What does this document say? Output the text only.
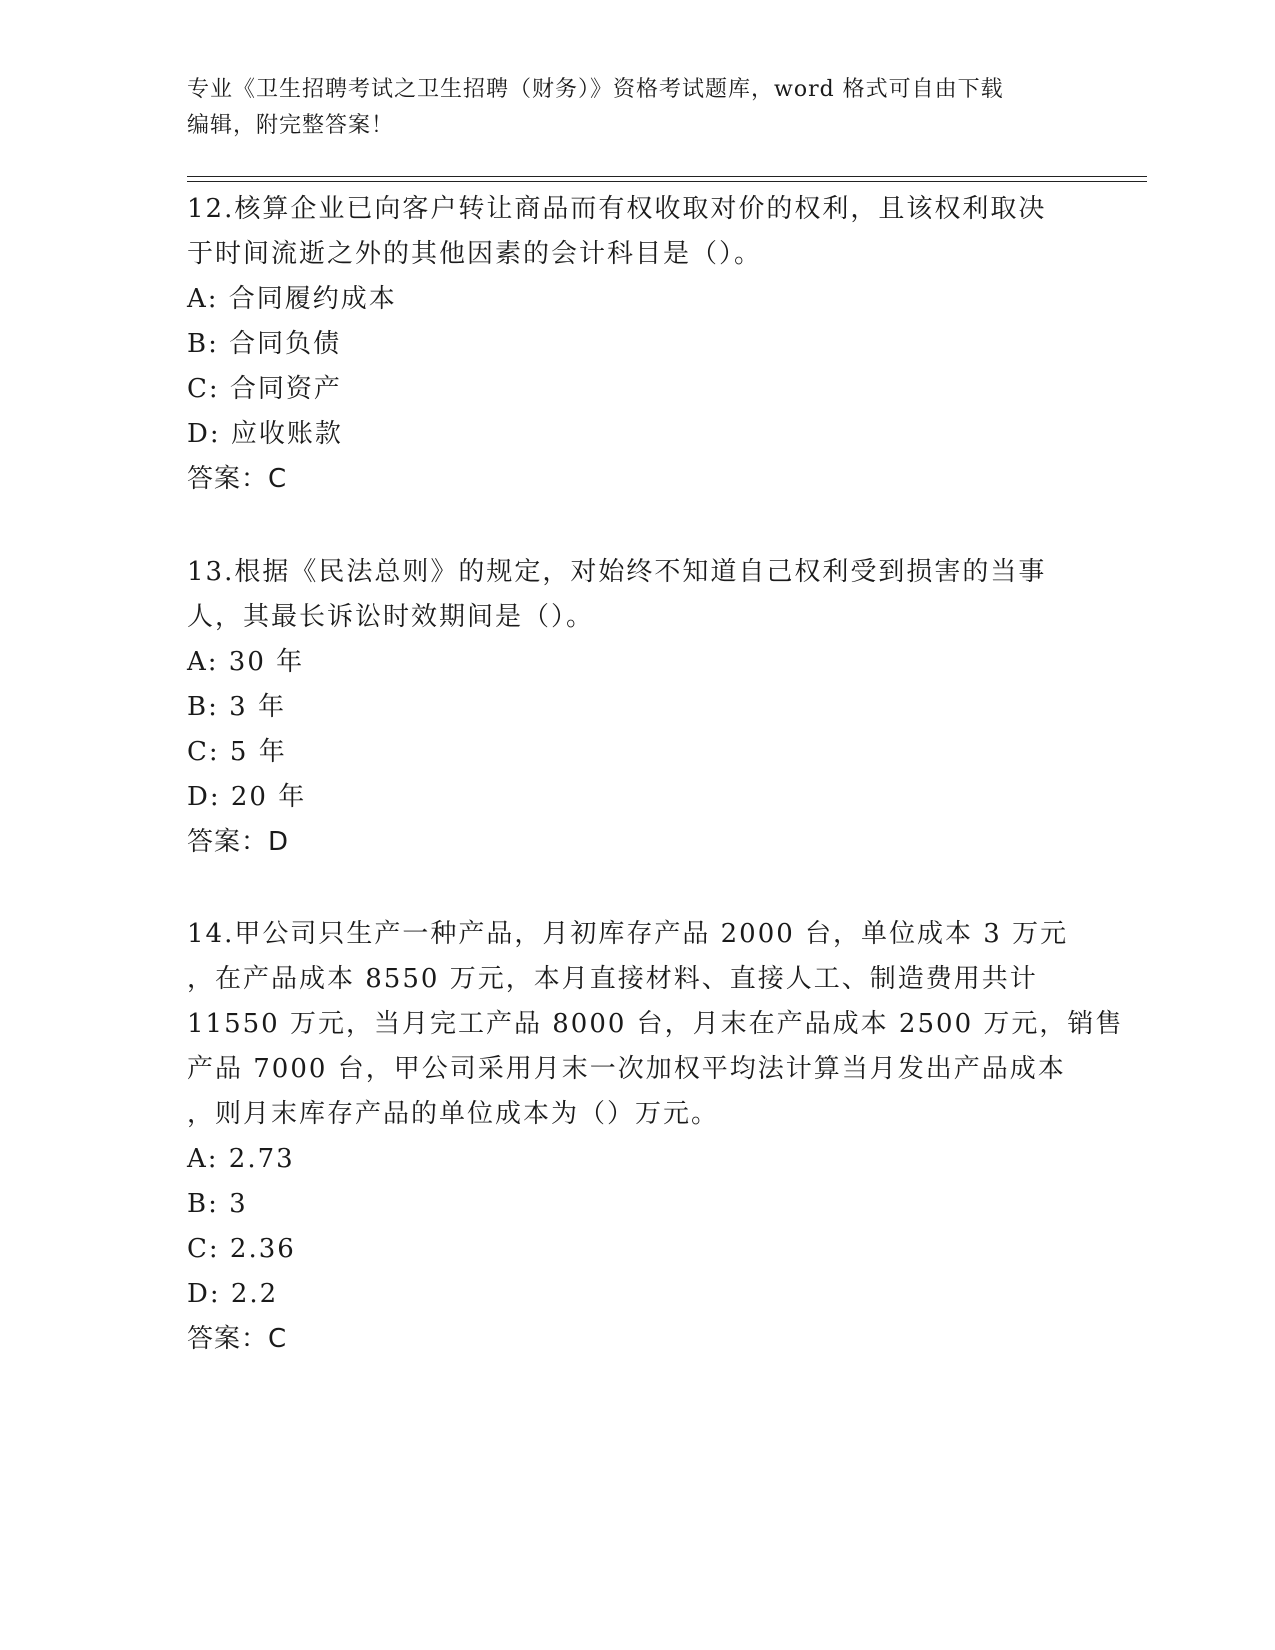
专业《卫生招聘考试之卫生招聘（财务）》资格考试题库，word 格式可自由下载
编辑，附完整答案！
12.核算企业已向客户转让商品而有权收取对价的权利，且该权利取决
于时间流逝之外的其他因素的会计科目是（）。
A: 合同履约成本
B: 合同负债
C: 合同资产
D: 应收账款
答案：C
13.根据《民法总则》的规定，对始终不知道自己权利受到损害的当事
人，其最长诉讼时效期间是（）。
A: 30 年
B: 3 年
C: 5 年
D: 20 年
答案：D
14.甲公司只生产一种产品，月初库存产品 2000 台，单位成本 3 万元
，在产品成本 8550 万元，本月直接材料、直接人工、制造费用共计
11550 万元，当月完工产品 8000 台，月末在产品成本 2500 万元，销售
产品 7000 台，甲公司采用月末一次加权平均法计算当月发出产品成本
，则月末库存产品的单位成本为（）万元。
A: 2.73
B: 3
C: 2.36
D: 2.2
答案：C
